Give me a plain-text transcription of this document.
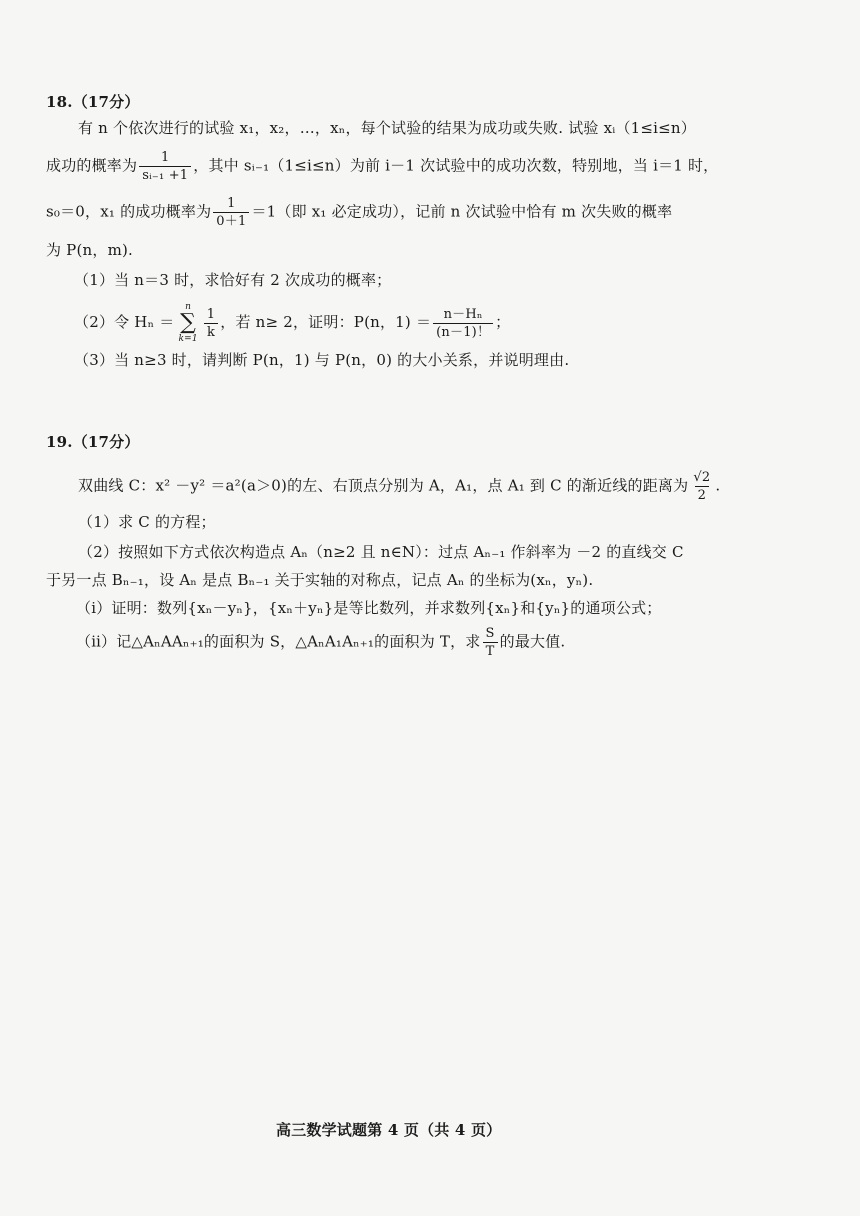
18.（17分）
有 n 个依次进行的试验 x₁，x₂，…，xₙ，每个试验的结果为成功或失败. 试验 xᵢ（1≤i≤n）
成功的概率为 $\frac{1}{\text{sᵢ₋₁ +1}}$ ，其中 sᵢ₋₁（1≤i≤n）为前 i－1 次试验中的成功次数，特别地，当 i＝1 时，
s₀＝0，x₁ 的成功概率为 $\frac{1}{0+1} =1$（即 x₁ 必定成功），记前 n 次试验中恰有 m 次失败的概率
为 P(n，m).
（1）当 n＝3 时，求恰好有 2 次成功的概率；
（2）令 Hₙ ＝
n
∑
$k=1 \frac{1}{k}$ ，若 n≥ 2，证明：P(n，$1) = \frac{\text{n－Hₙ}}{(n-1)!}$ ；
（3）当 n≥3 时，请判断 P(n，1) 与 P(n，0) 的大小关系，并说明理由.
19.（17分）
双曲线 C：x² －y² ＝a²(a＞0)的左、右顶点分别为 A，A₁，点 A₁ 到 C 的渐近线的距离为 $\frac{√2}{2}$ .
（1）求 C 的方程；
（2）按照如下方式依次构造点 Aₙ（n≥2 且 n∈N）：过点 Aₙ₋₁ 作斜率为 －2 的直线交 C
于另一点 Bₙ₋₁，设 Aₙ 是点 Bₙ₋₁ 关于实轴的对称点，记点 Aₙ 的坐标为(xₙ，yₙ).
（ⅰ）证明：数列{xₙ－yₙ}，{xₙ＋yₙ}是等比数列，并求数列{xₙ}和{yₙ}的通项公式；
（ⅱ）记△AₙAAₙ₊₁的面积为 S，△AₙA₁Aₙ₊₁的面积为 T，求 $\frac{S}{T}$ 的最大值.
高三数学试题第 4 页（共 4 页）
